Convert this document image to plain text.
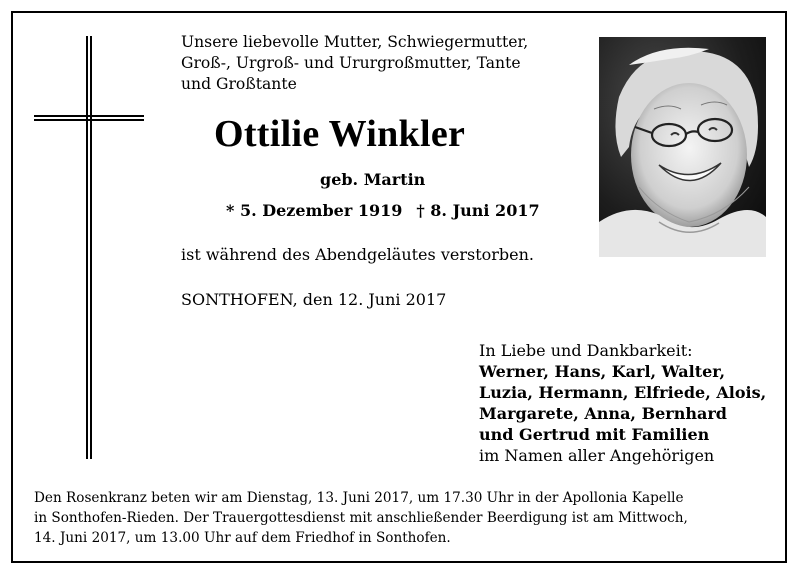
Unsere liebevolle Mutter, Schwiegermutter,
Groß-, Urgroß- und Ururgroßmutter, Tante
und Großtante
Ottilie Winkler
geb. Martin
* 5. Dezember 1919 † 8. Juni 2017
ist während des Abendgeläutes verstorben.
SONTHOFEN, den 12. Juni 2017
In Liebe und Dankbarkeit:
Werner, Hans, Karl, Walter,
Luzia, Hermann, Elfriede, Alois,
Margarete, Anna, Bernhard
und Gertrud mit Familien
im Namen aller Angehörigen
Den Rosenkranz beten wir am Dienstag, 13. Juni 2017, um 17.30 Uhr in der Apollonia Kapelle
in Sonthofen-Rieden. Der Trauergottesdienst mit anschließender Beerdigung ist am Mittwoch,
14. Juni 2017, um 13.00 Uhr auf dem Friedhof in Sonthofen.
